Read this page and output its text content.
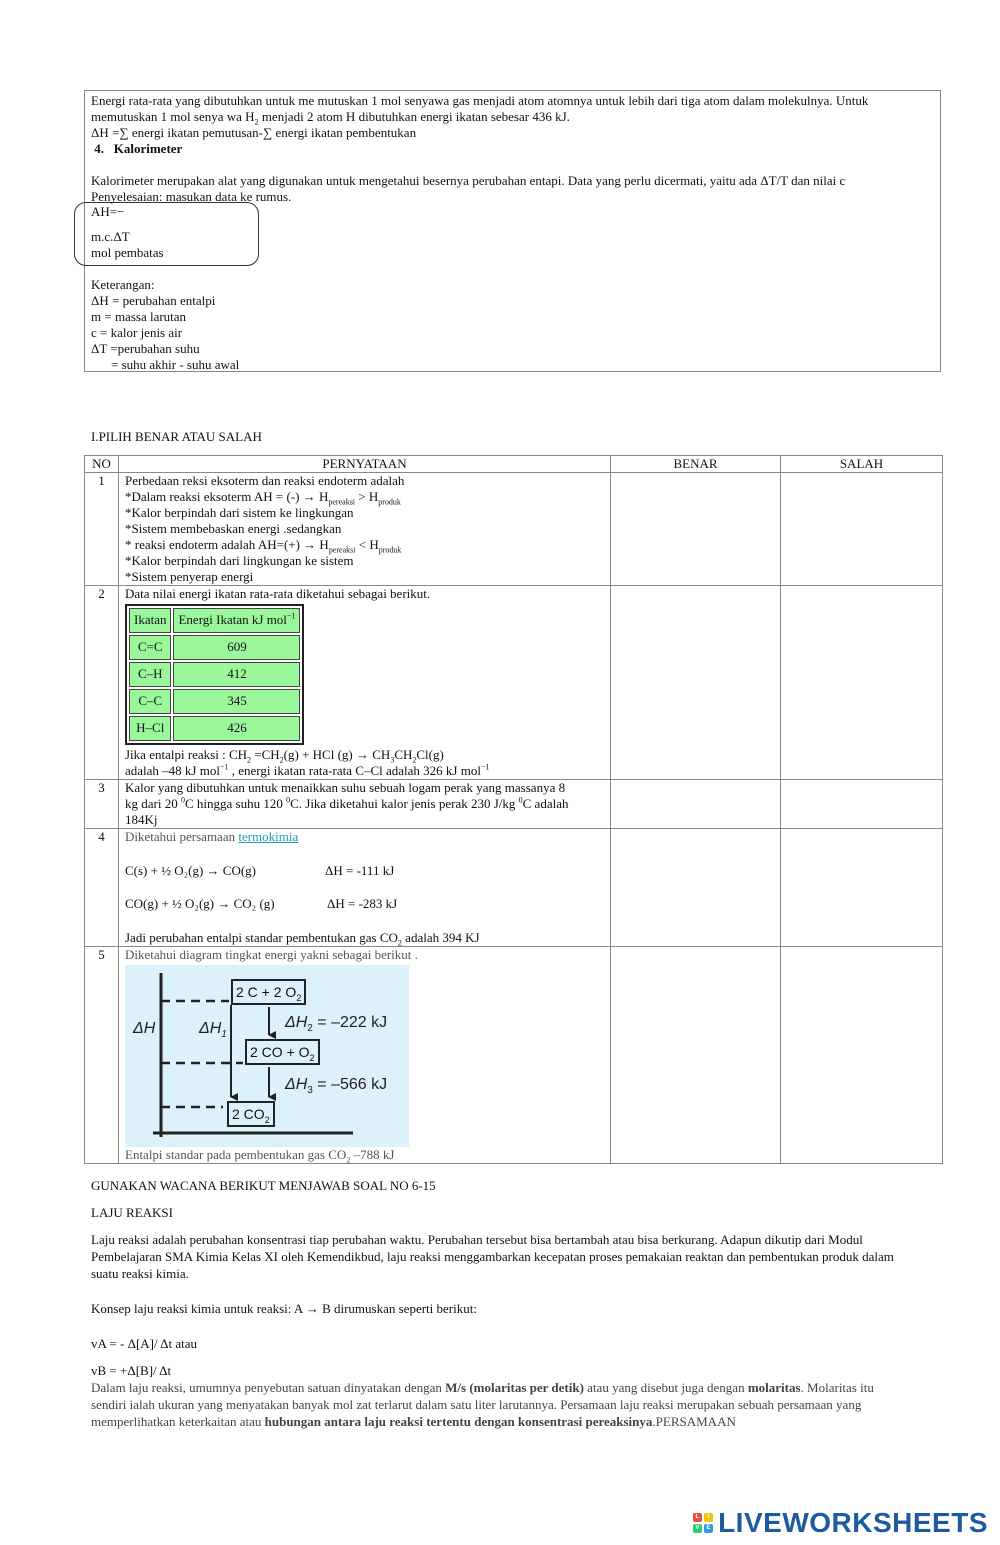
Energi rata-rata yang dibutuhkan untuk me mutuskan 1 mol senyawa gas menjadi atom atomnya untuk lebih dari tiga atom dalam molekulnya. Untuk

memutuskan 1 mol senya wa $H_2$ menjadi 2 atom H dibutuhkan energi ikatan sebesar 436 kJ.

ΔH =∑ energi ikatan pemutusan-∑ energi ikatan pembentukan

4. Kalorimeter

Kalorimeter merupakan alat yang digunakan untuk mengetahui besernya perubahan entapi. Data yang perlu dicermati, yaitu ada ΔT/T dan nilai c

Penyelesaian: masukan data ke rumus.

AH=−

m.c.ΔT
mol pembatas

Keterangan:

ΔH = perubahan entalpi

m = massa larutan

c = kalor jenis air

ΔT =perubahan suhu

= suhu akhir - suhu awal

I.PILIH BENAR ATAU SALAH
NO	PERNYATAAN	BENAR	SALAH
1	Perbedaan reksi eksoterm dan reaksi endoterm adalah
*Dalam reaksi eksoterm AH = (-) → $H_{pereaksi} > H_{produk}$
*Kalor berpindah dari sistem ke lingkungan
*Sistem membebaskan energi .sedangkan
* reaksi endoterm adalah $AH=(+) \to H_{pereaksi} < H_{produk}$
*Kalor berpindah dari lingkungan ke sistem
*Sistem penyerap energi

2	Data nilai energi ikatan rata-rata diketahui sebagai berikut.
Ikatan	Energi Ikatan kJ mol$^{-1}$
C=C	609
C–H	412
C–C	345
H–Cl	426
Jika entalpi reaksi : $CH_2 =CH_2(g)$ + HCl $(g) \to CH_3CH_2Cl(g)$
adalah –48 kJ mol$^{-1}$ , energi ikatan rata-rata C–Cl adalah 326 kJ mol$^{-1}$

3	Kalor yang dibutuhkan untuk menaikkan suhu sebuah logam perak yang massanya 8
kg dari 20 $^0$C hingga suhu 120 $^0$C. Jika diketahui kalor jenis perak 230 J/kg $^0$C adalah
184Kj

4	Diketahui persamaan termokimia
C(s) + ½ O₂(g) → CO(g)	ΔH = -111 kJ
CO(g) + ½ O₂(g) → CO₂ (g)	ΔH = -283 kJ
Jadi perubahan entalpi standar pembentukan gas $CO_2$ adalah 394 KJ

5	Diketahui diagram tingkat energi yakni sebagai berikut .
ΔH	$\Delta H_1$
2 C + 2 $O_2$
2 CO + $O_2$
2 $CO_2$
$\Delta H_2 = -222$ kJ
$\Delta H_3 = -566$ kJ
Entalpi standar pada pembentukan gas $CO_2$ –788 kJ

GUNAKAN WACANA BERIKUT MENJAWAB SOAL NO 6-15
LAJU REAKSI
Laju reaksi adalah perubahan konsentrasi tiap perubahan waktu. Perubahan tersebut bisa bertambah atau bisa berkurang. Adapun dikutip dari Modul Pembelajaran SMA Kimia Kelas XI oleh Kemendikbud, laju reaksi menggambarkan kecepatan proses pemakaian reaktan dan pembentukan produk dalam suatu reaksi kimia.
Konsep laju reaksi kimia untuk reaksi: A → B dirumuskan seperti berikut:
vA = - Δ[A]/ Δt atau
vB = +Δ[B]/ Δt
Dalam laju reaksi, umumnya penyebutan satuan dinyatakan dengan M/s (molaritas per detik) atau yang disebut juga dengan molaritas. Molaritas itu sendiri ialah ukuran yang menyatakan banyak mol zat terlarut dalam satu liter larutannya. Persamaan laju reaksi merupakan sebuah persamaan yang memperlihatkan keterkaitan atau hubungan antara laju reaksi tertentu dengan konsentrasi pereaksinya.PERSAMAAN
L	I
V	E LIVEWORKSHEETS
